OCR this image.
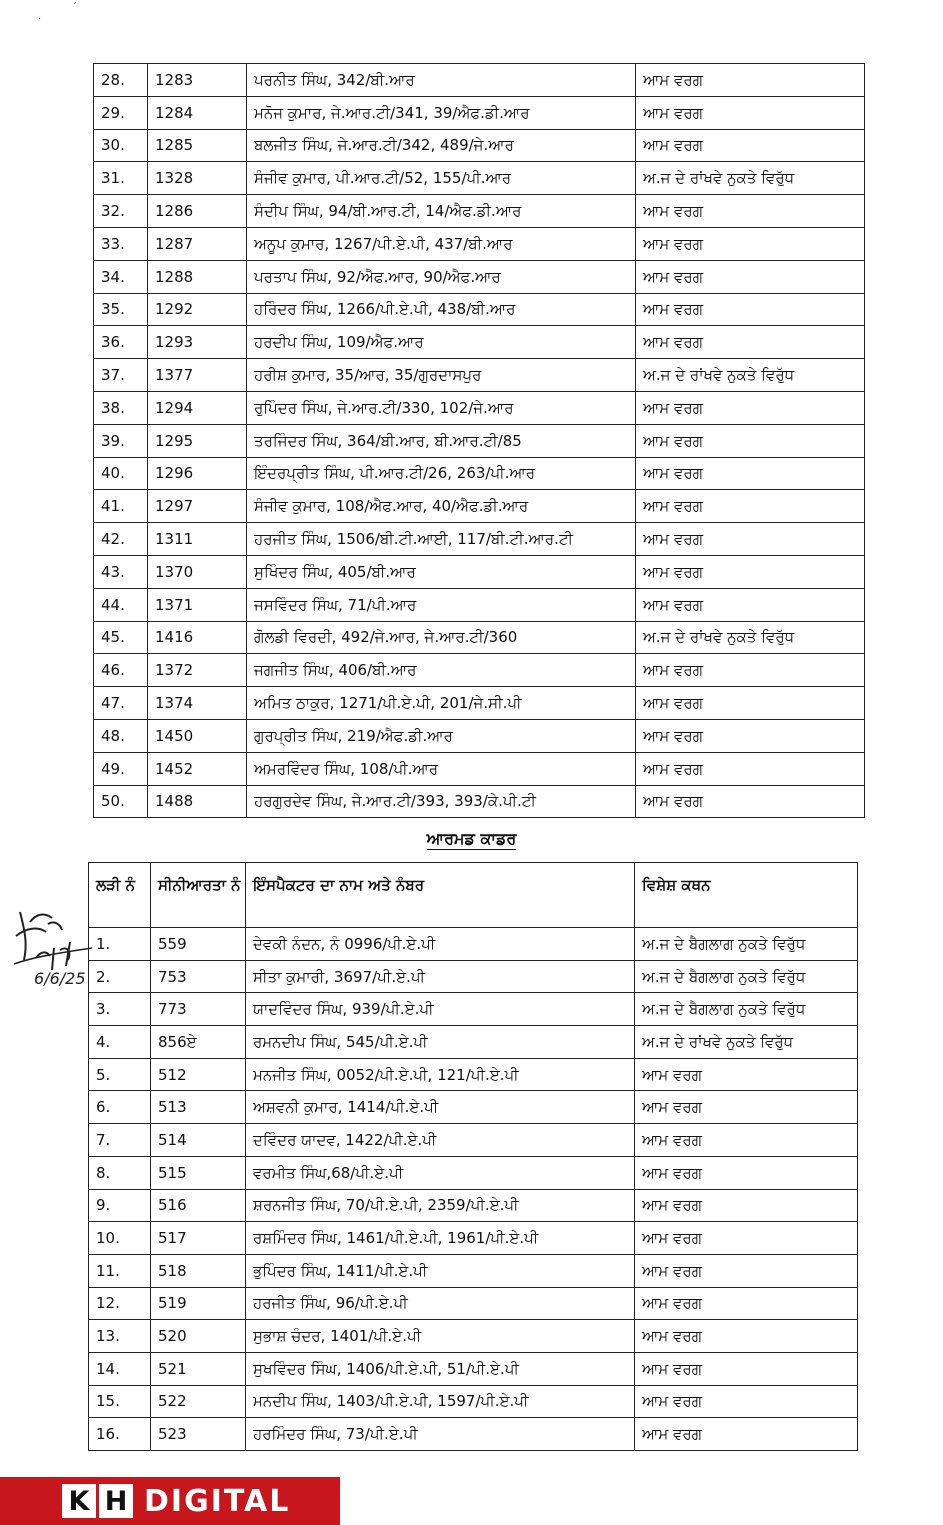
ˊ
·
28.	1283	ਪਰਨੀਤ ਸਿੰਘ, 342/ਬੀ.ਆਰ	ਆਮ ਵਰਗ
29.	1284	ਮਨੋਜ ਕੁਮਾਰ, ਜੇ.ਆਰ.ਟੀ/341, 39/ਐਫ.ਡੀ.ਆਰ	ਆਮ ਵਰਗ
30.	1285	ਬਲਜੀਤ ਸਿੰਘ, ਜੇ.ਆਰ.ਟੀ/342, 489/ਜੇ.ਆਰ	ਆਮ ਵਰਗ
31.	1328	ਸੰਜੀਵ ਕੁਮਾਰ, ਪੀ.ਆਰ.ਟੀ/52, 155/ਪੀ.ਆਰ	ਅ.ਜ ਦੇ ਰਾਂਖਵੇ ਨੁਕਤੇ ਵਿਰੁੱਧ
32.	1286	ਸੰਦੀਪ ਸਿੰਘ, 94/ਬੀ.ਆਰ.ਟੀ, 14/ਐਫ.ਡੀ.ਆਰ	ਆਮ ਵਰਗ
33.	1287	ਅਨੂਪ ਕੁਮਾਰ, 1267/ਪੀ.ਏ.ਪੀ, 437/ਬੀ.ਆਰ	ਆਮ ਵਰਗ
34.	1288	ਪਰਤਾਪ ਸਿੰਘ, 92/ਐਫ.ਆਰ, 90/ਐਫ.ਆਰ	ਆਮ ਵਰਗ
35.	1292	ਹਰਿੰਦਰ ਸਿੰਘ, 1266/ਪੀ.ਏ.ਪੀ, 438/ਬੀ.ਆਰ	ਆਮ ਵਰਗ
36.	1293	ਹਰਦੀਪ ਸਿੰਘ, 109/ਐਫ.ਆਰ	ਆਮ ਵਰਗ
37.	1377	ਹਰੀਸ਼ ਕੁਮਾਰ, 35/ਆਰ, 35/ਗੁਰਦਾਸਪੁਰ	ਅ.ਜ ਦੇ ਰਾਂਖਵੇ ਨੁਕਤੇ ਵਿਰੁੱਧ
38.	1294	ਰੁਪਿੰਦਰ ਸਿੰਘ, ਜੇ.ਆਰ.ਟੀ/330, 102/ਜੇ.ਆਰ	ਆਮ ਵਰਗ
39.	1295	ਤਰਜਿੰਦਰ ਸਿੰਘ, 364/ਬੀ.ਆਰ, ਬੀ.ਆਰ.ਟੀ/85	ਆਮ ਵਰਗ
40.	1296	ਇੰਦਰਪ੍ਰੀਤ ਸਿੰਘ, ਪੀ.ਆਰ.ਟੀ/26, 263/ਪੀ.ਆਰ	ਆਮ ਵਰਗ
41.	1297	ਸੰਜੀਵ ਕੁਮਾਰ, 108/ਐਫ.ਆਰ, 40/ਐਫ.ਡੀ.ਆਰ	ਆਮ ਵਰਗ
42.	1311	ਹਰਜੀਤ ਸਿੰਘ, 1506/ਬੀ.ਟੀ.ਆਈ, 117/ਬੀ.ਟੀ.ਆਰ.ਟੀ	ਆਮ ਵਰਗ
43.	1370	ਸੁਖਿੰਦਰ ਸਿੰਘ, 405/ਬੀ.ਆਰ	ਆਮ ਵਰਗ
44.	1371	ਜਸਵਿੰਦਰ ਸਿੰਘ, 71/ਪੀ.ਆਰ	ਆਮ ਵਰਗ
45.	1416	ਗੋਲਡੀ ਵਿਰਦੀ, 492/ਜੇ.ਆਰ, ਜੇ.ਆਰ.ਟੀ/360	ਅ.ਜ ਦੇ ਰਾਂਖਵੇ ਨੁਕਤੇ ਵਿਰੁੱਧ
46.	1372	ਜਗਜੀਤ ਸਿੰਘ, 406/ਬੀ.ਆਰ	ਆਮ ਵਰਗ
47.	1374	ਅਮਿਤ ਠਾਕੁਰ, 1271/ਪੀ.ਏ.ਪੀ, 201/ਜੇ.ਸੀ.ਪੀ	ਆਮ ਵਰਗ
48.	1450	ਗੁਰਪ੍ਰੀਤ ਸਿੰਘ, 219/ਐਫ.ਡੀ.ਆਰ	ਆਮ ਵਰਗ
49.	1452	ਅਮਰਵਿੰਦਰ ਸਿੰਘ, 108/ਪੀ.ਆਰ	ਆਮ ਵਰਗ
50.	1488	ਹਰਗੁਰਦੇਵ ਸਿੰਘ, ਜੇ.ਆਰ.ਟੀ/393, 393/ਕੇ.ਪੀ.ਟੀ	ਆਮ ਵਰਗ
ਆਰਮਡ ਕਾਡਰ
6/6/25
ਲੜੀ ਨੰ	ਸੀਨੀਆਰਤਾ ਨੰ	ਇੰਸਪੈਕਟਰ ਦਾ ਨਾਮ ਅਤੇ ਨੰਬਰ	ਵਿਸ਼ੇਸ਼ ਕਥਨ
1.	559	ਦੇਵਕੀ ਨੰਦਨ, ਨੰ 0996/ਪੀ.ਏ.ਪੀ	ਅ.ਜ ਦੇ ਬੈਗਲਾਗ ਨੁਕਤੇ ਵਿਰੁੱਧ
2.	753	ਸੀਤਾ ਕੁਮਾਰੀ, 3697/ਪੀ.ਏ.ਪੀ	ਅ.ਜ ਦੇ ਬੈਗਲਾਗ ਨੁਕਤੇ ਵਿਰੁੱਧ
3.	773	ਯਾਦਵਿੰਦਰ ਸਿੰਘ, 939/ਪੀ.ਏ.ਪੀ	ਅ.ਜ ਦੇ ਬੈਗਲਾਗ ਨੁਕਤੇ ਵਿਰੁੱਧ
4.	856ਏ	ਰਮਨਦੀਪ ਸਿੰਘ, 545/ਪੀ.ਏ.ਪੀ	ਅ.ਜ ਦੇ ਰਾਂਖਵੇ ਨੁਕਤੇ ਵਿਰੁੱਧ
5.	512	ਮਨਜੀਤ ਸਿੰਘ, 0052/ਪੀ.ਏ.ਪੀ, 121/ਪੀ.ਏ.ਪੀ	ਆਮ ਵਰਗ
6.	513	ਅਸ਼ਵਨੀ ਕੁਮਾਰ, 1414/ਪੀ.ਏ.ਪੀ	ਆਮ ਵਰਗ
7.	514	ਦਵਿੰਦਰ ਯਾਦਵ, 1422/ਪੀ.ਏ.ਪੀ	ਆਮ ਵਰਗ
8.	515	ਵਰਮੀਤ ਸਿੰਘ,68/ਪੀ.ਏ.ਪੀ	ਆਮ ਵਰਗ
9.	516	ਸ਼ਰਨਜੀਤ ਸਿੰਘ, 70/ਪੀ.ਏ.ਪੀ, 2359/ਪੀ.ਏ.ਪੀ	ਆਮ ਵਰਗ
10.	517	ਰਸ਼ਮਿੰਦਰ ਸਿੰਘ, 1461/ਪੀ.ਏ.ਪੀ, 1961/ਪੀ.ਏ.ਪੀ	ਆਮ ਵਰਗ
11.	518	ਭੁਪਿੰਦਰ ਸਿੰਘ, 1411/ਪੀ.ਏ.ਪੀ	ਆਮ ਵਰਗ
12.	519	ਹਰਜੀਤ ਸਿੰਘ, 96/ਪੀ.ਏ.ਪੀ	ਆਮ ਵਰਗ
13.	520	ਸੁਭਾਸ਼ ਚੰਦਰ, 1401/ਪੀ.ਏ.ਪੀ	ਆਮ ਵਰਗ
14.	521	ਸੁਖਵਿੰਦਰ ਸਿੰਘ, 1406/ਪੀ.ਏ.ਪੀ, 51/ਪੀ.ਏ.ਪੀ	ਆਮ ਵਰਗ
15.	522	ਮਨਦੀਪ ਸਿੰਘ, 1403/ਪੀ.ਏ.ਪੀ, 1597/ਪੀ.ਏ.ਪੀ	ਆਮ ਵਰਗ
16.	523	ਹਰਮਿੰਦਰ ਸਿੰਘ, 73/ਪੀ.ਏ.ਪੀ	ਆਮ ਵਰਗ
K H DIGITAL
